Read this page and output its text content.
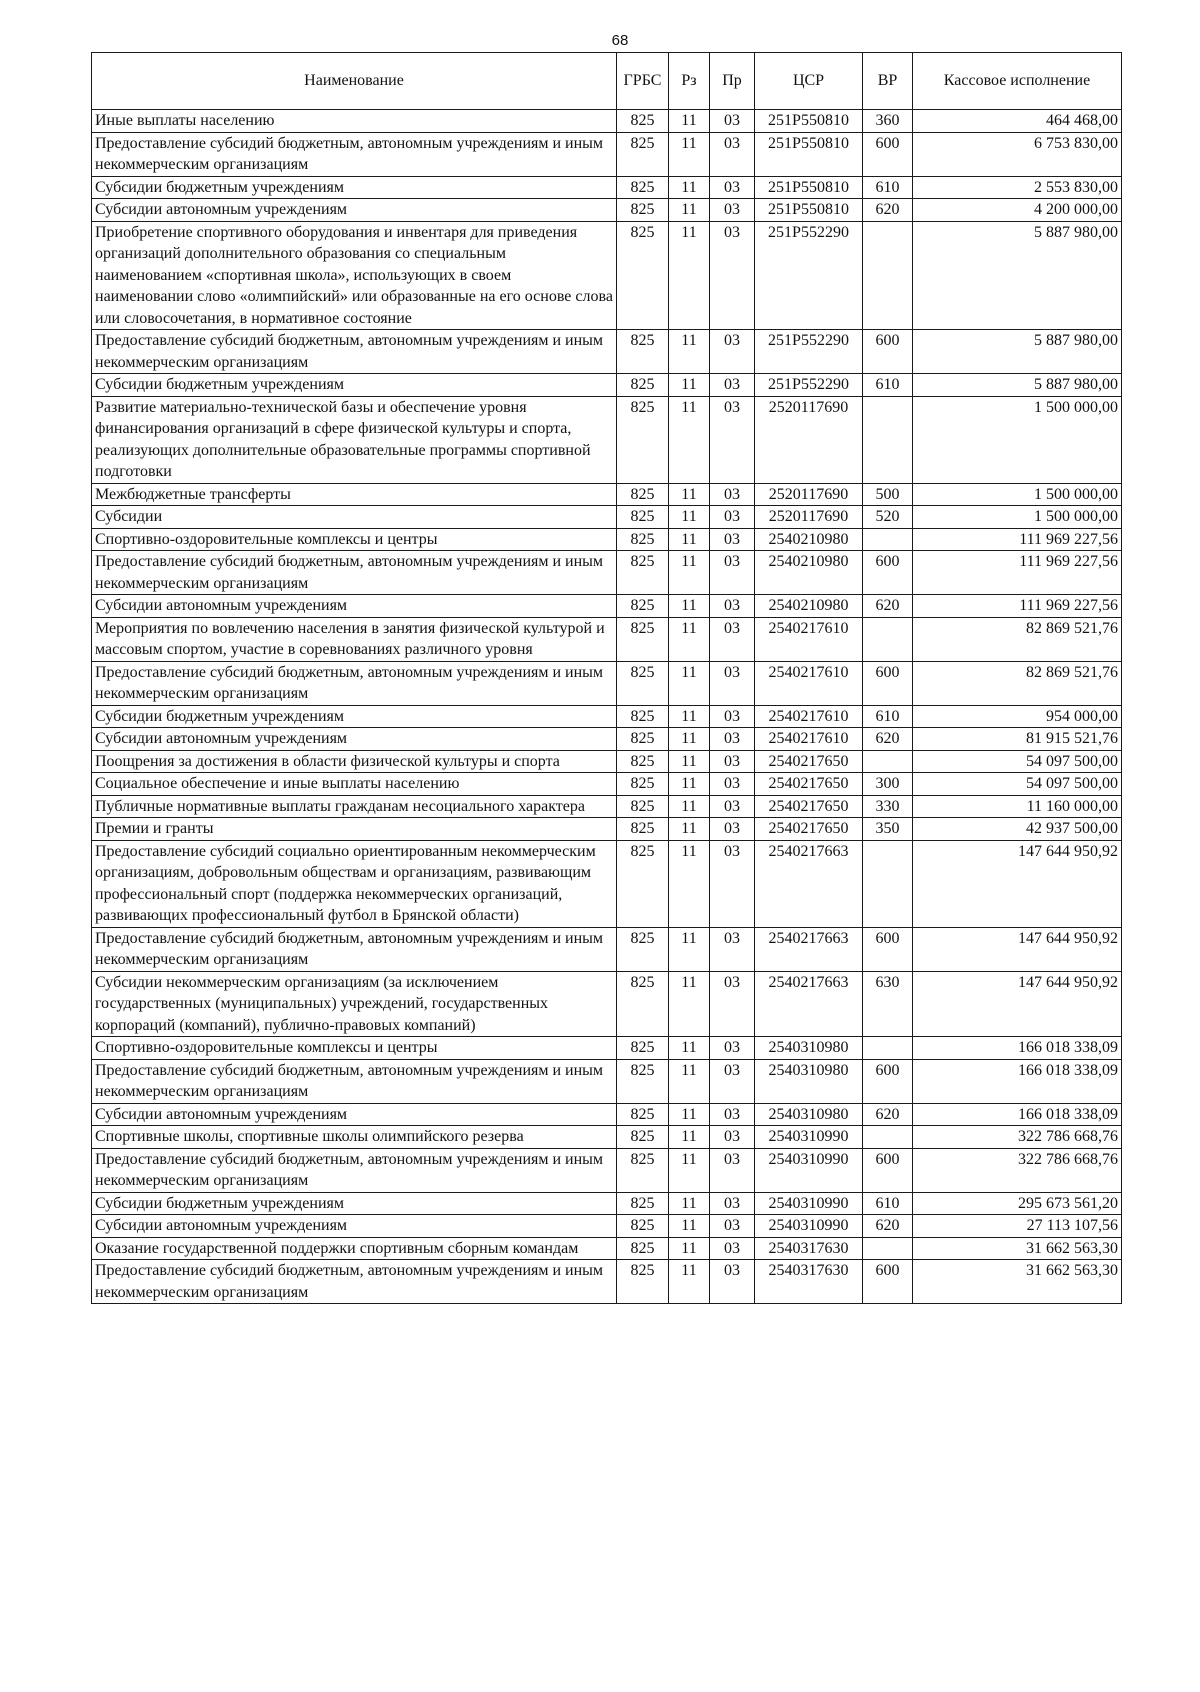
68
Наименование	ГРБС	Рз	Пр	ЦСР	ВР	Кассовое исполнение
Иные выплаты населению	825	11	03	251P550810	360	464 468,00
Предоставление субсидий бюджетным, автономным учреждениям и иным некоммерческим организациям	825	11	03	251P550810	600	6 753 830,00
Субсидии бюджетным учреждениям	825	11	03	251P550810	610	2 553 830,00
Субсидии автономным учреждениям	825	11	03	251P550810	620	4 200 000,00
Приобретение спортивного оборудования и инвентаря для приведения организаций дополнительного образования со специальным наименованием «спортивная школа», использующих в своем наименовании слово «олимпийский» или образованные на его основе слова или словосочетания, в нормативное состояние	825	11	03	251P552290		5 887 980,00
Предоставление субсидий бюджетным, автономным учреждениям и иным некоммерческим организациям	825	11	03	251P552290	600	5 887 980,00
Субсидии бюджетным учреждениям	825	11	03	251P552290	610	5 887 980,00
Развитие материально-технической базы и обеспечение уровня финансирования организаций в сфере физической культуры и спорта, реализующих дополнительные образовательные программы спортивной подготовки	825	11	03	2520117690		1 500 000,00
Межбюджетные трансферты	825	11	03	2520117690	500	1 500 000,00
Субсидии	825	11	03	2520117690	520	1 500 000,00
Спортивно-оздоровительные комплексы и центры	825	11	03	2540210980		111 969 227,56
Предоставление субсидий бюджетным, автономным учреждениям и иным некоммерческим организациям	825	11	03	2540210980	600	111 969 227,56
Субсидии автономным учреждениям	825	11	03	2540210980	620	111 969 227,56
Мероприятия по вовлечению населения в занятия физической культурой и массовым спортом, участие в соревнованиях различного уровня	825	11	03	2540217610		82 869 521,76
Предоставление субсидий бюджетным, автономным учреждениям и иным некоммерческим организациям	825	11	03	2540217610	600	82 869 521,76
Субсидии бюджетным учреждениям	825	11	03	2540217610	610	954 000,00
Субсидии автономным учреждениям	825	11	03	2540217610	620	81 915 521,76
Поощрения за достижения в области физической культуры и спорта	825	11	03	2540217650		54 097 500,00
Социальное обеспечение и иные выплаты населению	825	11	03	2540217650	300	54 097 500,00
Публичные нормативные выплаты гражданам несоциального характера	825	11	03	2540217650	330	11 160 000,00
Премии и гранты	825	11	03	2540217650	350	42 937 500,00
Предоставление субсидий социально ориентированным некоммерческим организациям, добровольным обществам и организациям, развивающим профессиональный спорт (поддержка некоммерческих организаций, развивающих профессиональный футбол в Брянской области)	825	11	03	2540217663		147 644 950,92
Предоставление субсидий бюджетным, автономным учреждениям и иным некоммерческим организациям	825	11	03	2540217663	600	147 644 950,92
Субсидии некоммерческим организациям (за исключением государственных (муниципальных) учреждений, государственных корпораций (компаний), публично-правовых компаний)	825	11	03	2540217663	630	147 644 950,92
Спортивно-оздоровительные комплексы и центры	825	11	03	2540310980		166 018 338,09
Предоставление субсидий бюджетным, автономным учреждениям и иным некоммерческим организациям	825	11	03	2540310980	600	166 018 338,09
Субсидии автономным учреждениям	825	11	03	2540310980	620	166 018 338,09
Спортивные школы, спортивные школы олимпийского резерва	825	11	03	2540310990		322 786 668,76
Предоставление субсидий бюджетным, автономным учреждениям и иным некоммерческим организациям	825	11	03	2540310990	600	322 786 668,76
Субсидии бюджетным учреждениям	825	11	03	2540310990	610	295 673 561,20
Субсидии автономным учреждениям	825	11	03	2540310990	620	27 113 107,56
Оказание государственной поддержки спортивным сборным командам	825	11	03	2540317630		31 662 563,30
Предоставление субсидий бюджетным, автономным учреждениям и иным некоммерческим организациям	825	11	03	2540317630	600	31 662 563,30
